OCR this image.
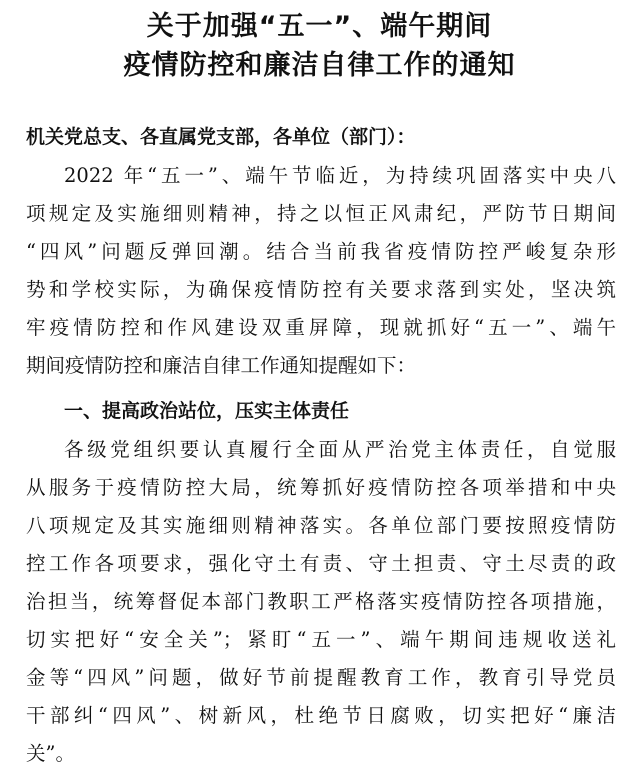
关于加强“五一”、端午期间
疫情防控和廉洁自律工作的通知
机关党总支、各直属党支部，各单位（部门）：
2022 年“五一”、端午节临近，为持续巩固落实中央八
项规定及实施细则精神，持之以恒正风肃纪，严防节日期间
“四风”问题反弹回潮。结合当前我省疫情防控严峻复杂形
势和学校实际，为确保疫情防控有关要求落到实处，坚决筑
牢疫情防控和作风建设双重屏障，现就抓好“五一”、端午
期间疫情防控和廉洁自律工作通知提醒如下：
一、提高政治站位，压实主体责任
各级党组织要认真履行全面从严治党主体责任，自觉服
从服务于疫情防控大局，统筹抓好疫情防控各项举措和中央
八项规定及其实施细则精神落实。各单位部门要按照疫情防
控工作各项要求，强化守土有责、守土担责、守土尽责的政
治担当，统筹督促本部门教职工严格落实疫情防控各项措施，
切实把好“安全关”；紧盯“五一”、端午期间违规收送礼
金等“四风”问题，做好节前提醒教育工作，教育引导党员
干部纠“四风”、树新风，杜绝节日腐败，切实把好“廉洁
关”。
